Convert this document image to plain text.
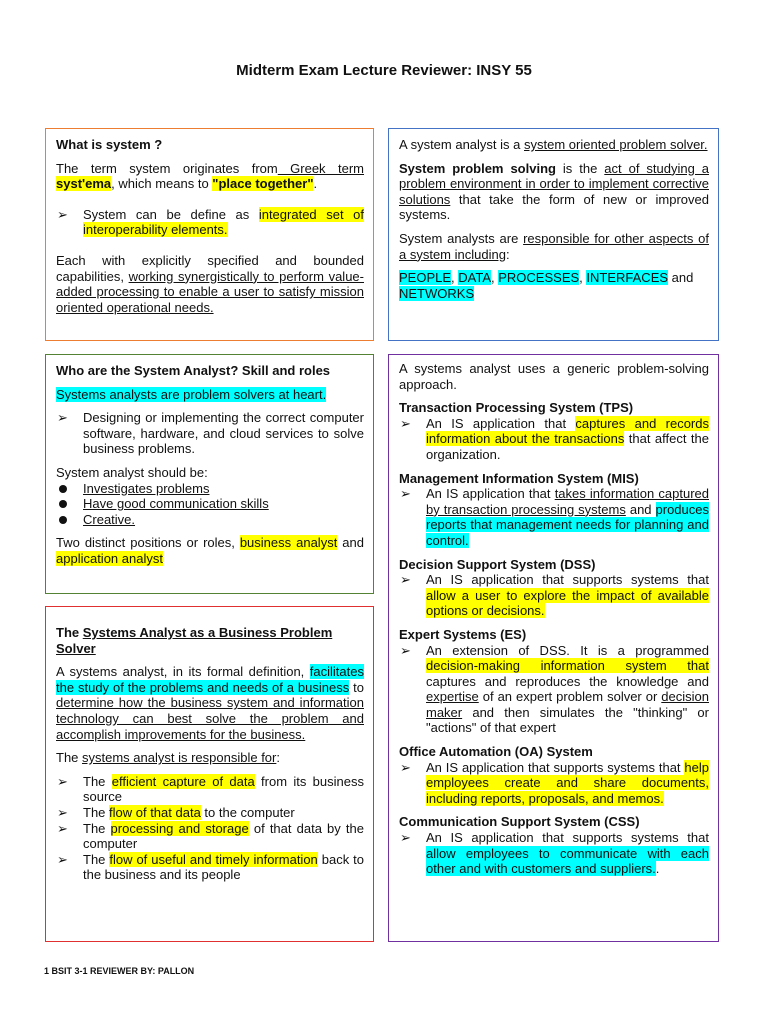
Midterm Exam Lecture Reviewer: INSY 55

What is system ?

The term system originates from Greek term syst'ema, which means to "place together".

➢ System can be define as integrated set of interoperability elements.

Each with explicitly specified and bounded capabilities, working synergistically to perform value-added processing to enable a user to satisfy mission oriented operational needs.

A system analyst is a system oriented problem solver.

System problem solving is the act of studying a problem environment in order to implement corrective solutions that take the form of new or improved systems.

System analysts are responsible for other aspects of a system including:

PEOPLE, DATA, PROCESSES, INTERFACES and NETWORKS

Who are the System Analyst? Skill and roles

Systems analysts are problem solvers at heart.

➢ Designing or implementing the correct computer software, hardware, and cloud services to solve business problems.

System analyst should be:

Investigates problems
Have good communication skills
Creative.

Two distinct positions or roles, business analyst and application analyst

The Systems Analyst as a Business Problem Solver

A systems analyst, in its formal definition, facilitates the study of the problems and needs of a business to determine how the business system and information technology can best solve the problem and accomplish improvements for the business.

The systems analyst is responsible for:

➢ The efficient capture of data from its business source
➢ The flow of that data to the computer
➢ The processing and storage of that data by the computer
➢ The flow of useful and timely information back to the business and its people

A systems analyst uses a generic problem-solving approach.

Transaction Processing System (TPS)

➢ An IS application that captures and records information about the transactions that affect the organization.

Management Information System (MIS)

➢ An IS application that takes information captured by transaction processing systems and produces reports that management needs for planning and control.

Decision Support System (DSS)

➢ An IS application that supports systems that allow a user to explore the impact of available options or decisions.

Expert Systems (ES)

➢ An extension of DSS. It is a programmed decision-making information system that captures and reproduces the knowledge and expertise of an expert problem solver or decision maker and then simulates the "thinking" or "actions" of that expert

Office Automation (OA) System

➢ An IS application that supports systems that help employees create and share documents, including reports, proposals, and memos.

Communication Support System (CSS)

➢ An IS application that supports systems that allow employees to communicate with each other and with customers and suppliers..
1 BSIT 3-1 REVIEWER BY: PALLON
